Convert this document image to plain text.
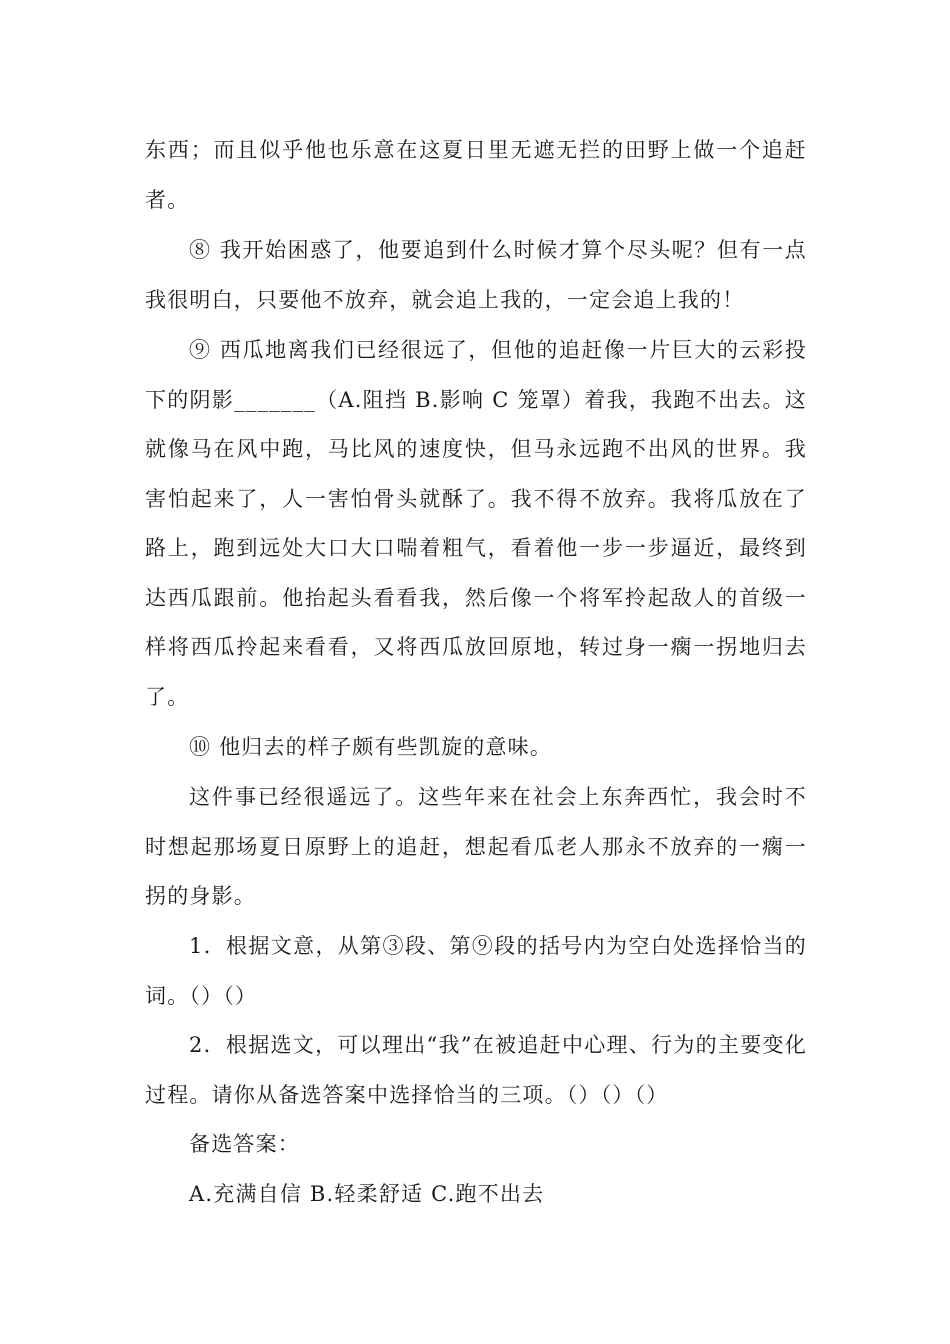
东西；而且似乎他也乐意在这夏日里无遮无拦的田野上做一个追赶者。

⑧ 我开始困惑了，他要追到什么时候才算个尽头呢？但有一点我很明白，只要他不放弃，就会追上我的，一定会追上我的！

⑨ 西瓜地离我们已经很远了，但他的追赶像一片巨大的云彩投下的阴影_______（A.阻挡 B.影响 C 笼罩）着我，我跑不出去。这就像马在风中跑，马比风的速度快，但马永远跑不出风的世界。我害怕起来了，人一害怕骨头就酥了。我不得不放弃。我将瓜放在了路上，跑到远处大口大口喘着粗气，看着他一步一步逼近，最终到达西瓜跟前。他抬起头看看我，然后像一个将军拎起敌人的首级一样将西瓜拎起来看看，又将西瓜放回原地，转过身一瘸一拐地归去了。

⑩ 他归去的样子颇有些凯旋的意味。

这件事已经很遥远了。这些年来在社会上东奔西忙，我会时不时想起那场夏日原野上的追赶，想起看瓜老人那永不放弃的一瘸一拐的身影。

1．根据文意，从第③段、第⑨段的括号内为空白处选择恰当的词。（）（）

2．根据选文，可以理出“我”在被追赶中心理、行为的主要变化过程。请你从备选答案中选择恰当的三项。（）（）（）

备选答案：

A.充满自信 B.轻柔舒适 C.跑不出去
